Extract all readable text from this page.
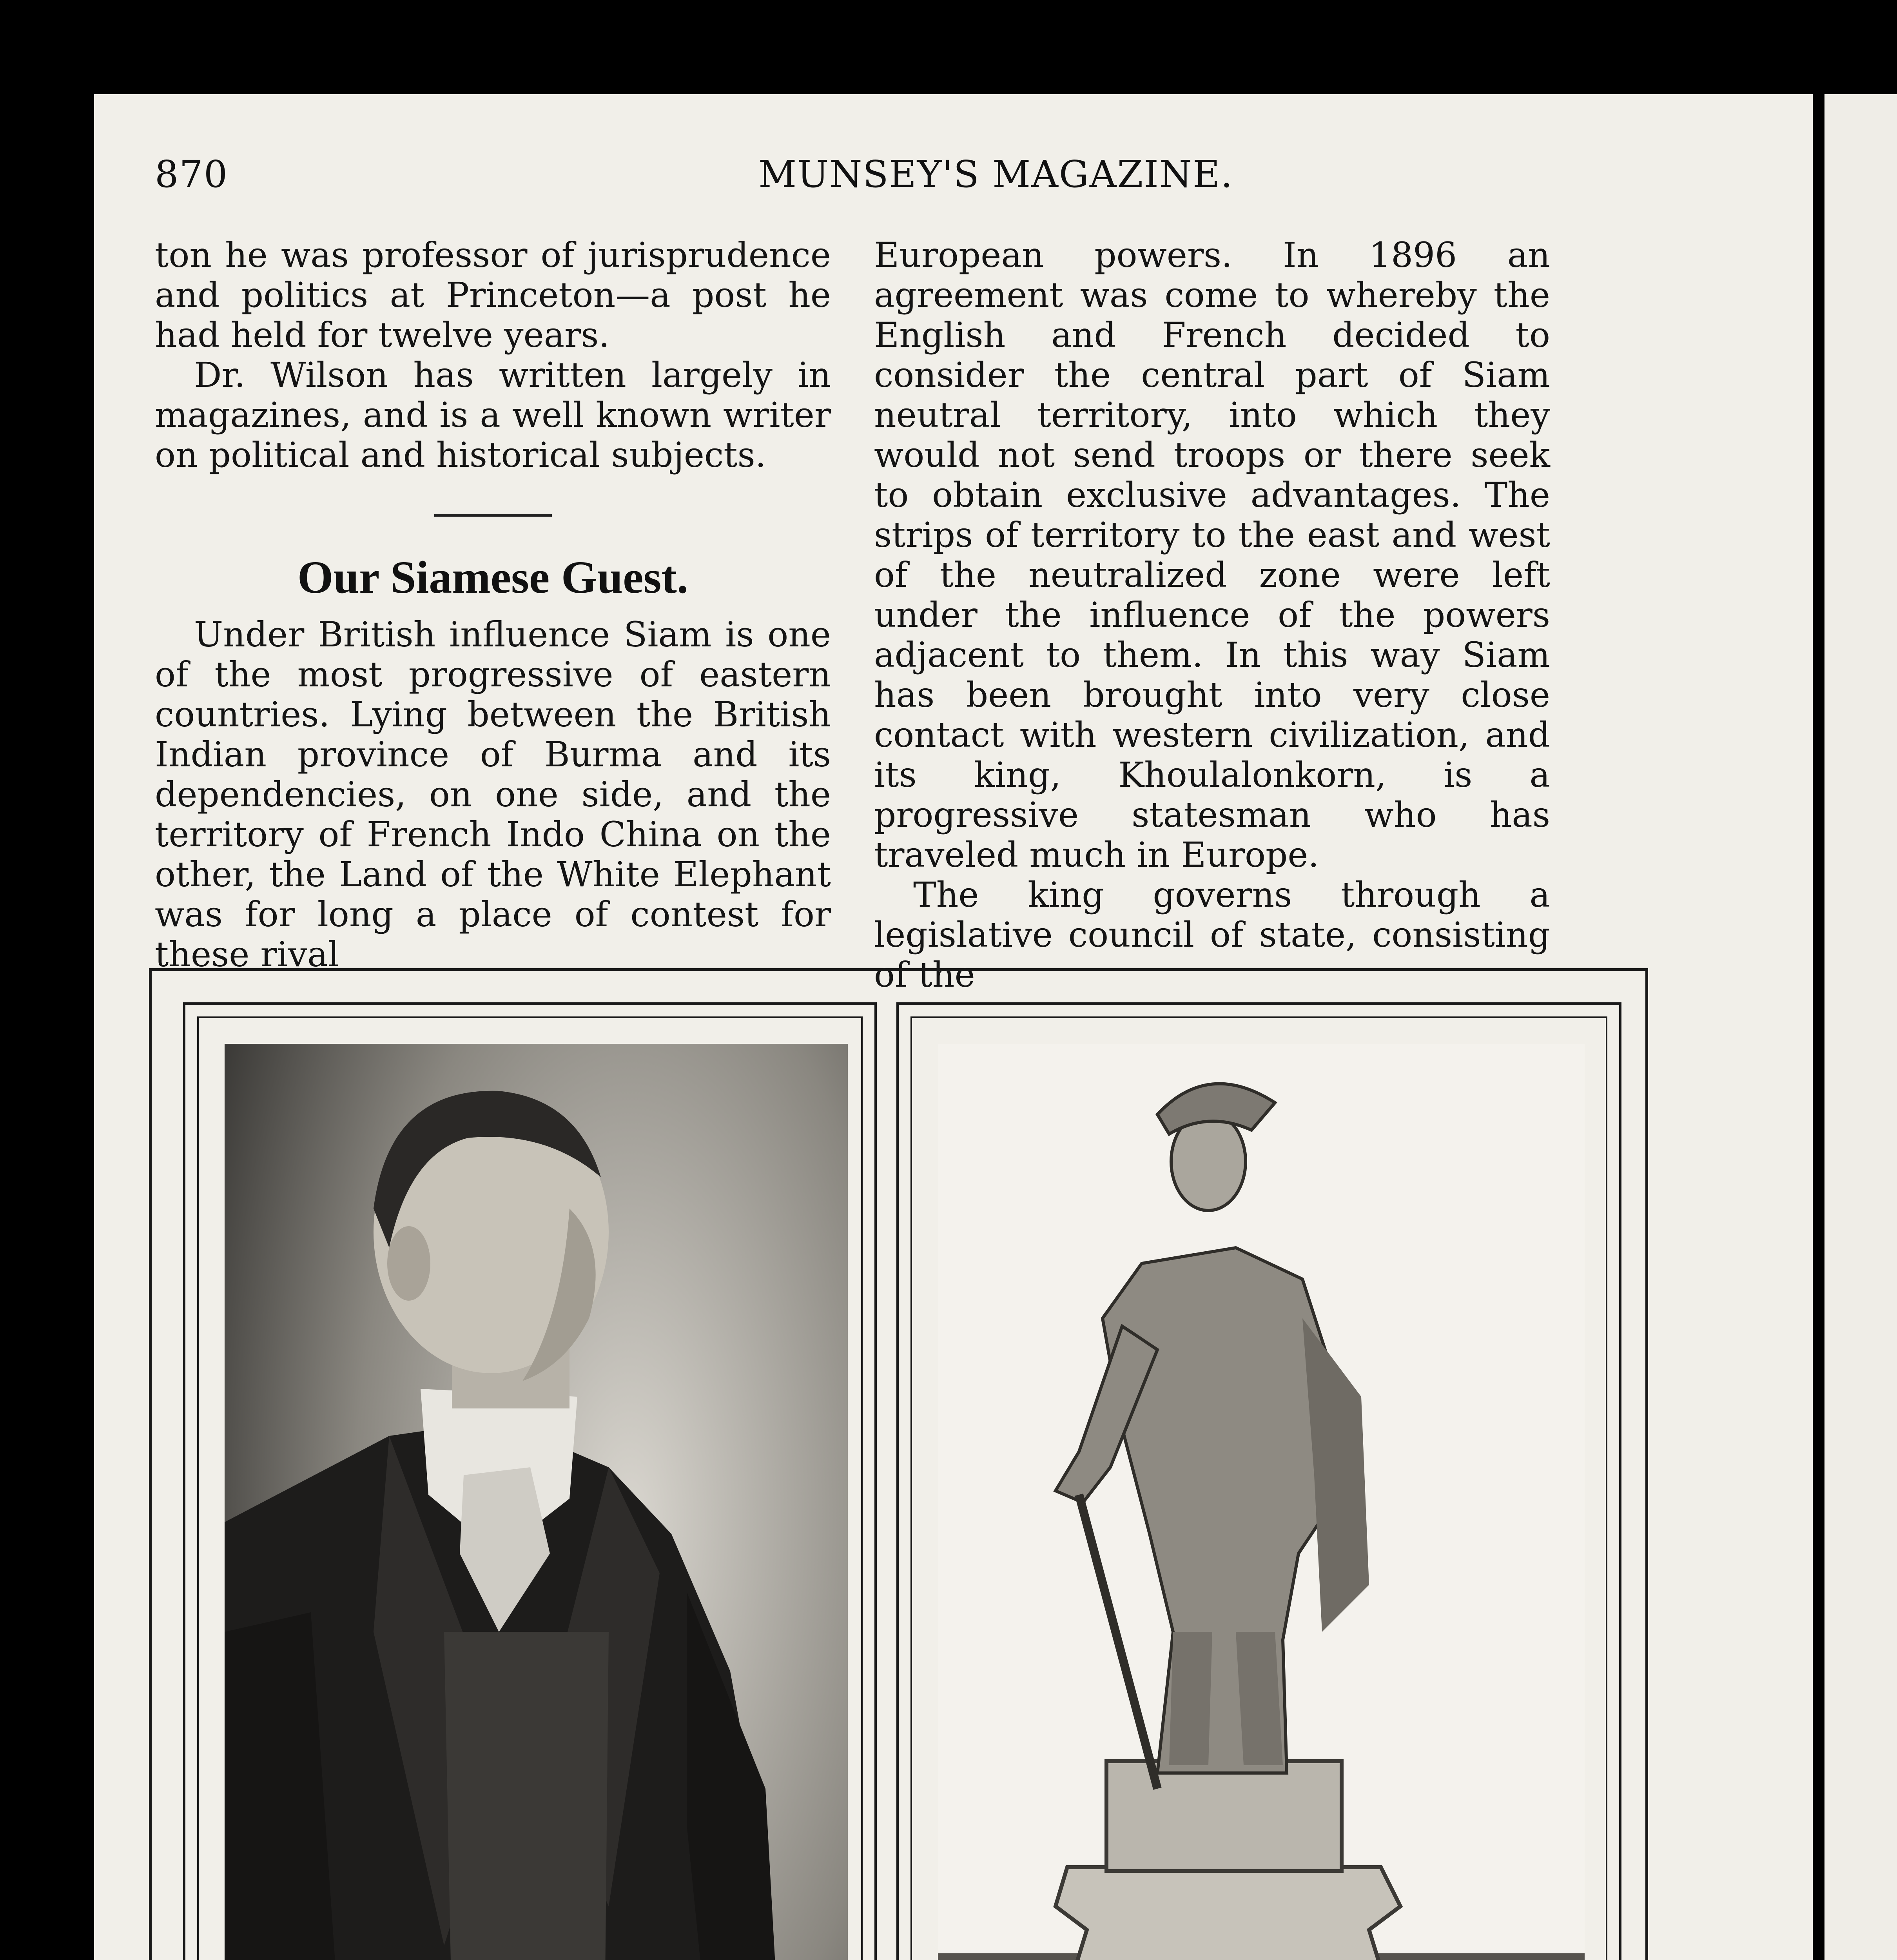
870	MUNSEY'S MAGAZINE.

ton he was professor of jurisprudence and politics at Princeton—a post he had held for twelve years.

Dr. Wilson has written largely in magazines, and is a well known writer on political and historical subjects.

Our Siamese Guest.

Under British influence Siam is one of the most progressive of eastern countries. Lying between the British Indian province of Burma and its dependencies, on one side, and the territory of French Indo China on the other, the Land of the White Elephant was for long a place of contest for these rival

European powers. In 1896 an agreement was come to whereby the English and French decided to consider the central part of Siam neutral territory, into which they would not send troops or there seek to obtain exclusive advantages. The strips of territory to the east and west of the neutralized zone were left under the influence of the powers adjacent to them. In this way Siam has been brought into very close contact with western civilization, and its king, Khoulalonkorn, is a progressive statesman who has traveled much in Europe.

The king governs through a legislative council of state, consisting of the
